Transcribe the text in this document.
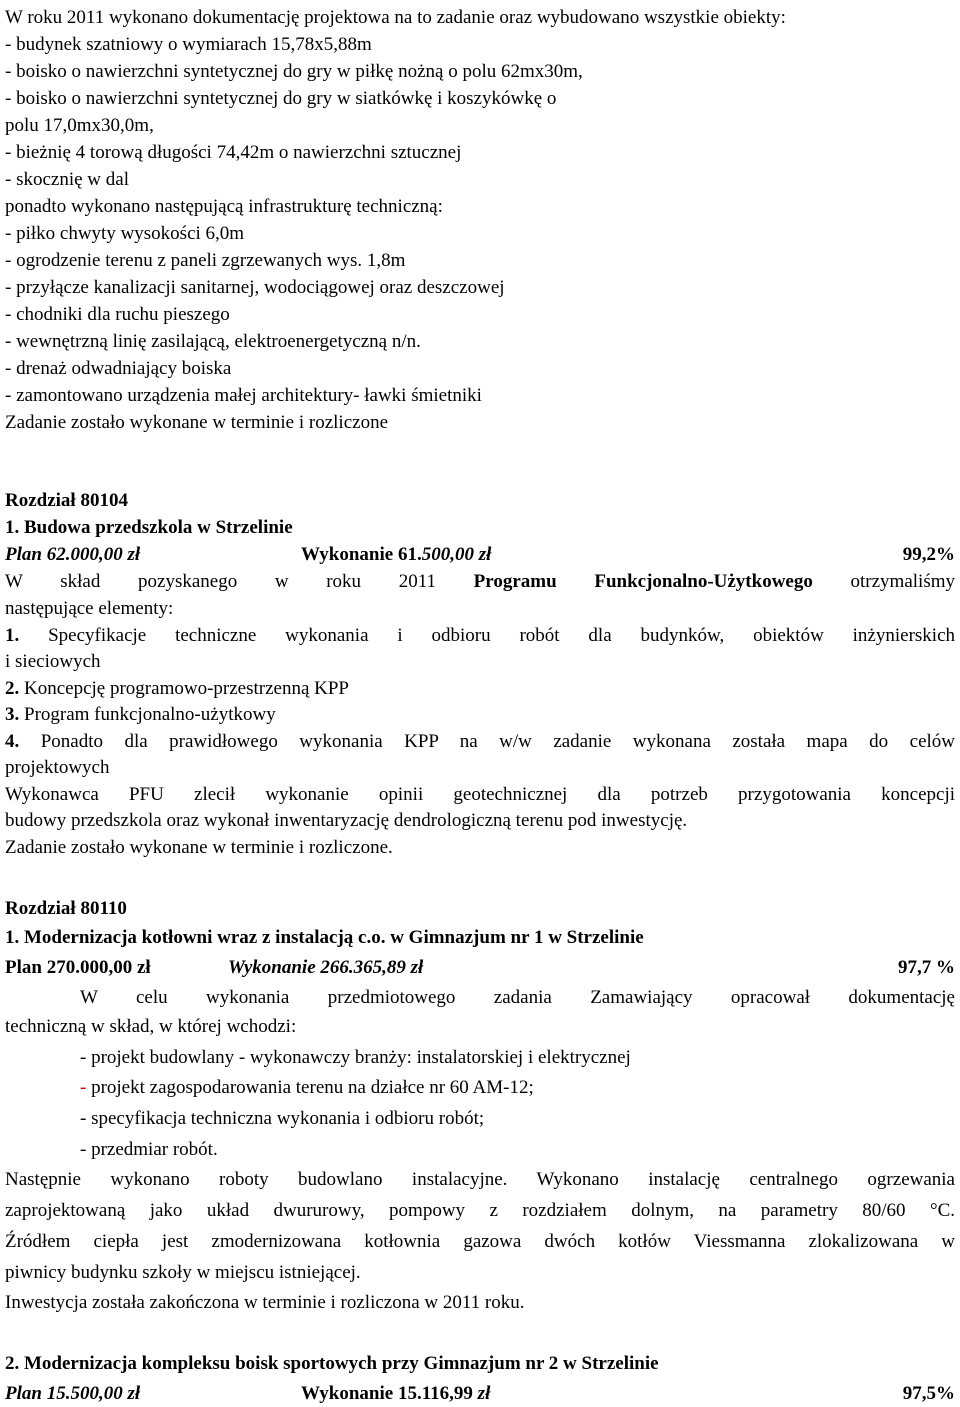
W roku 2011 wykonano dokumentację projektowa na to zadanie oraz wybudowano wszystkie obiekty:
- budynek szatniowy o wymiarach 15,78x5,88m
- boisko o nawierzchni syntetycznej do gry w piłkę nożną o polu 62mx30m,
- boisko o nawierzchni syntetycznej do gry w siatkówkę i koszykówkę o
polu 17,0mx30,0m,
- bieżnię 4 torową długości 74,42m o nawierzchni sztucznej
- skocznię w dal
ponadto wykonano następującą infrastrukturę techniczną:
- piłko chwyty wysokości 6,0m
- ogrodzenie terenu z paneli zgrzewanych wys. 1,8m
- przyłącze kanalizacji sanitarnej, wodociągowej oraz deszczowej
- chodniki dla ruchu pieszego
- wewnętrzną linię zasilającą, elektroenergetyczną n/n.
- drenaż odwadniający boiska
- zamontowano urządzenia małej architektury- ławki śmietniki
Zadanie zostało wykonane w terminie i rozliczone
Rozdział 80104
1. Budowa przedszkola w Strzelinie
Plan 62.000,00 zł	Wykonanie 61.500,00 zł	99,2%
W skład pozyskanego w roku 2011 Programu Funkcjonalno-Użytkowego otrzymaliśmy
następujące elementy:
1. Specyfikacje techniczne wykonania i odbioru robót dla budynków, obiektów inżynierskich
i sieciowych
2. Koncepcję programowo-przestrzenną KPP
3. Program funkcjonalno-użytkowy
4. Ponadto dla prawidłowego wykonania KPP na w/w zadanie wykonana została mapa do celów
projektowych
Wykonawca PFU zlecił wykonanie opinii geotechnicznej dla potrzeb przygotowania koncepcji
budowy przedszkola oraz wykonał inwentaryzację dendrologiczną terenu pod inwestycję.
Zadanie zostało wykonane w terminie i rozliczone.
Rozdział 80110
1. Modernizacja kotłowni wraz z instalacją c.o. w Gimnazjum nr 1 w Strzelinie
Plan 270.000,00 zł	Wykonanie 266.365,89 zł	97,7 %
W celu wykonania przedmiotowego zadania Zamawiający opracował dokumentację
techniczną w skład, w której wchodzi:
- projekt budowlany - wykonawczy branży: instalatorskiej i elektrycznej
- projekt zagospodarowania terenu na działce nr 60 AM-12;
- specyfikacja techniczna wykonania i odbioru robót;
- przedmiar robót.
Następnie wykonano roboty budowlano instalacyjne. Wykonano instalację centralnego ogrzewania
zaprojektowaną jako układ dwururowy, pompowy z rozdziałem dolnym, na parametry 80/60 °C.
Źródłem ciepła jest zmodernizowana kotłownia gazowa dwóch kotłów Viessmanna zlokalizowana w
piwnicy budynku szkoły w miejscu istniejącej.
Inwestycja została zakończona w terminie i rozliczona w 2011 roku.
2. Modernizacja kompleksu boisk sportowych przy Gimnazjum nr 2 w Strzelinie
Plan 15.500,00 zł	Wykonanie 15.116,99 zł	97,5%
